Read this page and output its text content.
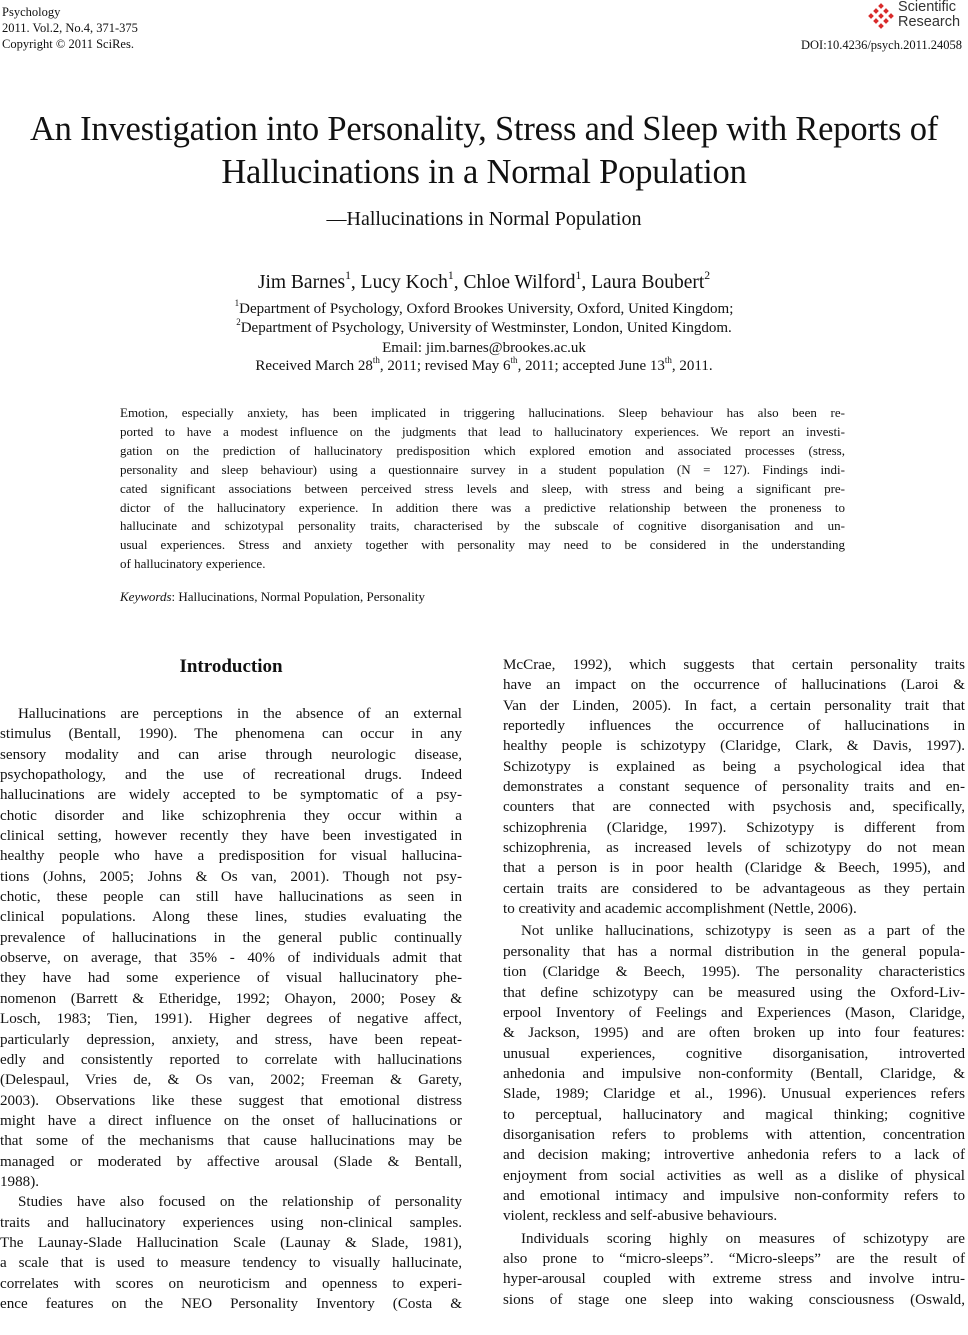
Psychology
2011. Vol.2, No.4, 371-375
Copyright © 2011 SciRes.
Scientific
Research
DOI:10.4236/psych.2011.24058
An Investigation into Personality, Stress and Sleep with Reports of
Hallucinations in a Normal Population
—Hallucinations in Normal Population
Jim Barnes$^1$, Lucy Koch$^1$, Chloe Wilford$^1$, Laura Boubert$^2$
$^1$Department of Psychology, Oxford Brookes University, Oxford, United Kingdom;
$^2$Department of Psychology, University of Westminster, London, United Kingdom.
Email: jim.barnes@brookes.ac.uk
Received March 28th, 2011; revised May 6th, 2011; accepted June 13th, 2011.
Emotion, especially anxiety, has been implicated in triggering hallucinations. Sleep behaviour has also been re-
ported to have a modest influence on the judgments that lead to hallucinatory experiences. We report an investi-
gation on the prediction of hallucinatory predisposition which explored emotion and associated processes (stress,
personality and sleep behaviour) using a questionnaire survey in a student population (N = 127). Findings indi-
cated significant associations between perceived stress levels and sleep, with stress and being a significant pre-
dictor of the hallucinatory experience. In addition there was a predictive relationship between the proneness to
hallucinate and schizotypal personality traits, characterised by the subscale of cognitive disorganisation and un-
usual experiences. Stress and anxiety together with personality may need to be considered in the understanding
of hallucinatory experience.
Keywords: Hallucinations, Normal Population, Personality
Introduction
Hallucinations are perceptions in the absence of an external
stimulus (Bentall, 1990). The phenomena can occur in any
sensory modality and can arise through neurologic disease,
psychopathology, and the use of recreational drugs. Indeed
hallucinations are widely accepted to be symptomatic of a psy-
chotic disorder and like schizophrenia they occur within a
clinical setting, however recently they have been investigated in
healthy people who have a predisposition for visual hallucina-
tions (Johns, 2005; Johns & Os van, 2001). Though not psy-
chotic, these people can still have hallucinations as seen in
clinical populations. Along these lines, studies evaluating the
prevalence of hallucinations in the general public continually
observe, on average, that 35% - 40% of individuals admit that
they have had some experience of visual hallucinatory phe-
nomenon (Barrett & Etheridge, 1992; Ohayon, 2000; Posey &
Losch, 1983; Tien, 1991). Higher degrees of negative affect,
particularly depression, anxiety, and stress, have been repeat-
edly and consistently reported to correlate with hallucinations
(Delespaul, Vries de, & Os van, 2002; Freeman & Garety,
2003). Observations like these suggest that emotional distress
might have a direct influence on the onset of hallucinations or
that some of the mechanisms that cause hallucinations may be
managed or moderated by affective arousal (Slade & Bentall,
1988).
Studies have also focused on the relationship of personality
traits and hallucinatory experiences using non-clinical samples.
The Launay-Slade Hallucination Scale (Launay & Slade, 1981),
a scale that is used to measure tendency to visually hallucinate,
correlates with scores on neuroticism and openness to experi-
ence features on the NEO Personality Inventory (Costa &
McCrae, 1992), which suggests that certain personality traits
have an impact on the occurrence of hallucinations (Laroi &
Van der Linden, 2005). In fact, a certain personality trait that
reportedly influences the occurrence of hallucinations in
healthy people is schizotypy (Claridge, Clark, & Davis, 1997).
Schizotypy is explained as being a psychological idea that
demonstrates a constant sequence of personality traits and en-
counters that are connected with psychosis and, specifically,
schizophrenia (Claridge, 1997). Schizotypy is different from
schizophrenia, as increased levels of schizotypy do not mean
that a person is in poor health (Claridge & Beech, 1995), and
certain traits are considered to be advantageous as they pertain
to creativity and academic accomplishment (Nettle, 2006).
Not unlike hallucinations, schizotypy is seen as a part of the
personality that has a normal distribution in the general popula-
tion (Claridge & Beech, 1995). The personality characteristics
that define schizotypy can be measured using the Oxford-Liv-
erpool Inventory of Feelings and Experiences (Mason, Claridge,
& Jackson, 1995) and are often broken up into four features:
unusual experiences, cognitive disorganisation, introverted
anhedonia and impulsive non-conformity (Bentall, Claridge, &
Slade, 1989; Claridge et al., 1996). Unusual experiences refers
to perceptual, hallucinatory and magical thinking; cognitive
disorganisation refers to problems with attention, concentration
and decision making; introvertive anhedonia refers to a lack of
enjoyment from social activities as well as a dislike of physical
and emotional intimacy and impulsive non-conformity refers to
violent, reckless and self-abusive behaviours.
Individuals scoring highly on measures of schizotypy are
also prone to “micro-sleeps”. “Micro-sleeps” are the result of
hyper-arousal coupled with extreme stress and involve intru-
sions of stage one sleep into waking consciousness (Oswald,
